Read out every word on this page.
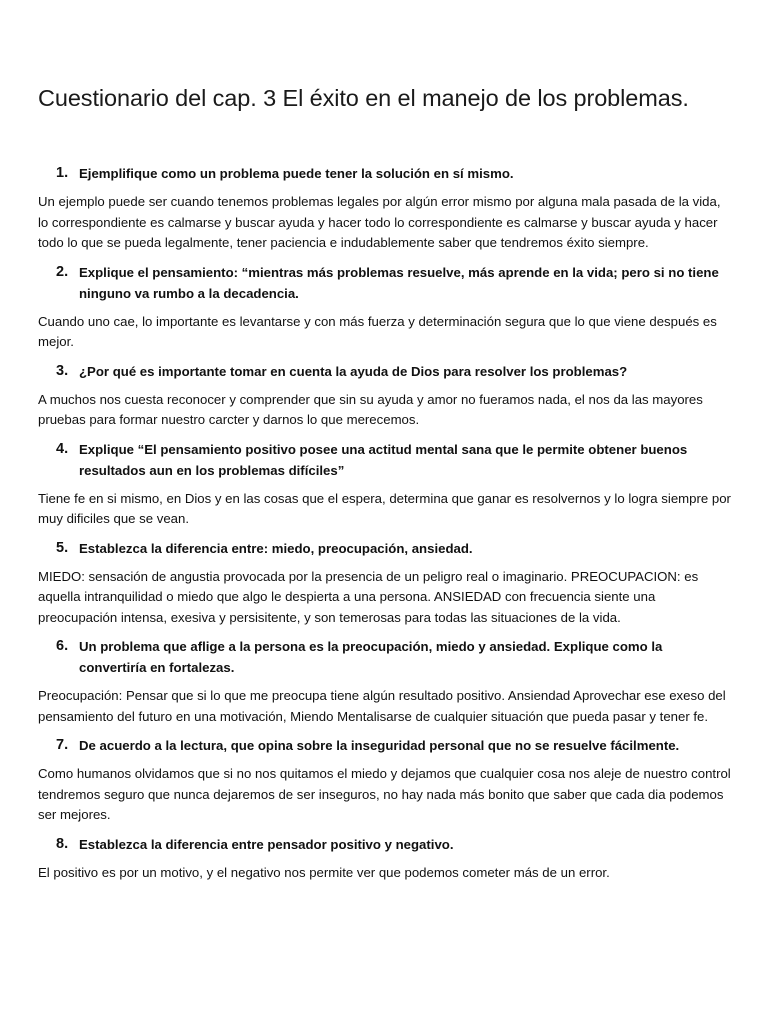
Cuestionario del cap. 3 El éxito en el manejo de los problemas.

1. Ejemplifique como un problema puede tener la solución en sí mismo.

Un ejemplo puede ser cuando tenemos problemas legales por algún error mismo por alguna mala pasada de la vida, lo correspondiente es calmarse y buscar ayuda y hacer todo lo correspondiente es calmarse y buscar ayuda y hacer todo lo que se pueda legalmente, tener paciencia e indudablemente saber que tendremos éxito siempre.

2. Explique el pensamiento: “mientras más problemas resuelve, más aprende en la vida; pero si no tiene ninguno va rumbo a la decadencia.

Cuando uno cae, lo importante es levantarse y con más fuerza y determinación segura que lo que viene después es mejor.

3. ¿Por qué es importante tomar en cuenta la ayuda de Dios para resolver los problemas?

A muchos nos cuesta reconocer y comprender que sin su ayuda y amor no fueramos nada, el nos da las mayores pruebas para formar nuestro carcter y darnos lo que merecemos.

4. Explique “El pensamiento positivo posee una actitud mental sana que le permite obtener buenos resultados aun en los problemas difíciles”

Tiene fe en si mismo, en Dios y en las cosas que el espera, determina que ganar es resolvernos y lo logra siempre por muy dificiles que se vean.

5. Establezca la diferencia entre: miedo, preocupación, ansiedad.

MIEDO: sensación de angustia provocada por la presencia de un peligro real o imaginario. PREOCUPACION: es aquella intranquilidad o miedo que algo le despierta a una persona. ANSIEDAD con frecuencia siente una preocupación intensa, exesiva y persisitente, y son temerosas para todas las situaciones de la vida.

6. Un problema que aflige a la persona es la preocupación, miedo y ansiedad. Explique como la convertiría en fortalezas.

Preocupación: Pensar que si lo que me preocupa tiene algún resultado positivo. Ansiendad Aprovechar ese exeso del pensamiento del futuro en una motivación, Miendo Mentalisarse de cualquier situación que pueda pasar y tener fe.

7. De acuerdo a la lectura, que opina sobre la inseguridad personal que no se resuelve fácilmente.

Como humanos olvidamos que si no nos quitamos el miedo y dejamos que cualquier cosa nos aleje de nuestro control tendremos seguro que nunca dejaremos de ser inseguros, no hay nada más bonito que saber que cada dia podemos ser mejores.

8. Establezca la diferencia entre pensador positivo y negativo.

El positivo es por un motivo, y el negativo nos permite ver que podemos cometer más de un error.
